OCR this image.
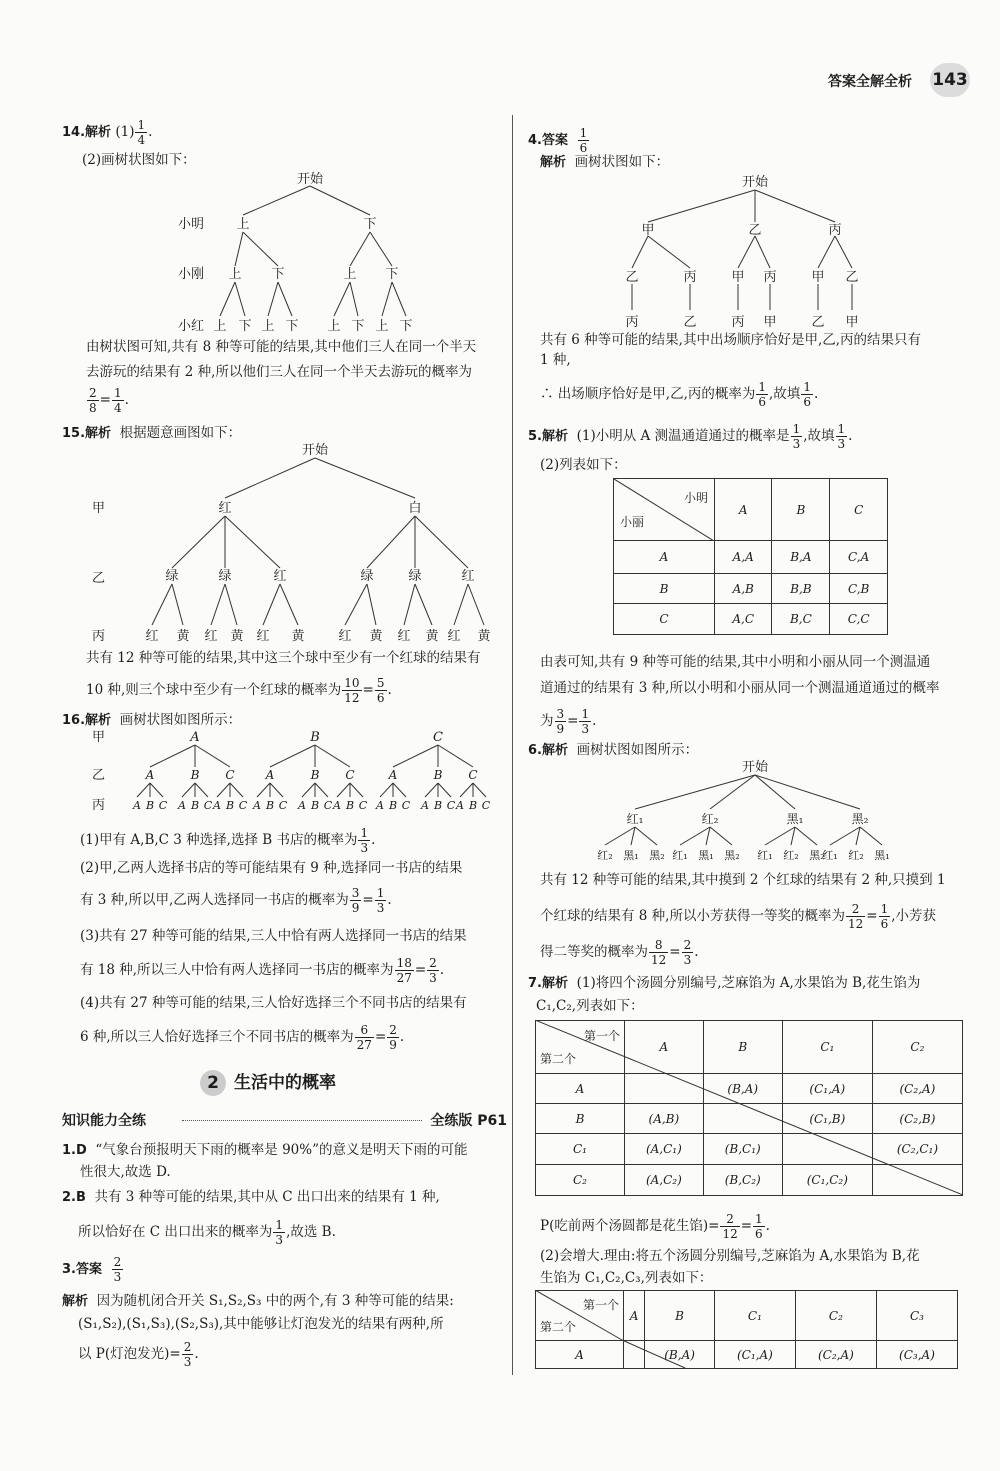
答案全解全析 143
14.解析 $(1) \frac{1}{4}$ .
(2)画树状图如下：
开始
小明
小刚
小红
上	下
上 下	上 下
上 下 上 下 上 下 上 下
由树状图可知,共有 8 种等可能的结果,其中他们三人在同一个半天
去游玩的结果有 2 种,所以他们三人在同一个半天去游玩的概率为
$\frac{2}{8} = \frac{1}{4}$ .
15.解析 根据题意画图如下：
开始
甲
乙
丙
红	白
绿	绿	红	绿	绿	红
红 黄 红 黄 红 黄	红 黄 红 黄 红 黄
共有 12 种等可能的结果,其中这三个球中至少有一个红球的结果有
10 种,则三个球中至少有一个红球的概率为 $\frac{10}{12} = \frac{5}{6}$ .
16.解析 画树状图如图所示：
甲
乙
丙
A
A
A B C
B
A B C
C
A B C
B
A
A B C
B
A B C
C
A B C
C
A
A B C
B
A B C
C
A B C
(1)甲有 A,B,C 3 种选择,选择 B 书店的概率为 $\frac{1}{3}$ .
(2)甲,乙两人选择书店的等可能结果有 9 种,选择同一书店的结果
有 3 种,所以甲,乙两人选择同一书店的概率为 $\frac{3}{9} = \frac{1}{3}$ .
(3)共有 27 种等可能的结果,三人中恰有两人选择同一书店的结果
有 18 种,所以三人中恰有两人选择同一书店的概率为 $\frac{18}{27} = \frac{2}{3}$ .
(4)共有 27 种等可能的结果,三人恰好选择三个不同书店的结果有
6 种,所以三人恰好选择三个不同书店的概率为 $\frac{6}{27} = \frac{2}{9}$ .
2 生活中的概率
知识能力全练	全练版 P61
1.D “气象台预报明天下雨的概率是 90%”的意义是明天下雨的可能
性很大,故选 D.
2.B 共有 3 种等可能的结果,其中从 C 出口出来的结果有 1 种,
所以恰好在 C 出口出来的概率为 $\frac{1}{3}$ ,故选 B.
3.答案 $\frac{2}{3}$
解析 因为随机闭合开关 S₁,S₂,S₃ 中的两个,有 3 种等可能的结果:
(S₁,S₂),(S₁,S₃),(S₂,S₃),其中能够让灯泡发光的结果有两种,所
以 P(灯泡发光)= $\frac{2}{3}$ .
4.答案 $\frac{1}{6}$
解析 画树状图如下：
开始
甲	乙	丙
乙	丙	甲 丙	甲 乙
丙	乙	丙 甲	乙 甲
共有 6 种等可能的结果,其中出场顺序恰好是甲,乙,丙的结果只有
1 种,
∴ 出场顺序恰好是甲,乙,丙的概率为 $\frac{1}{6}$ ,故填 $\frac{1}{6}$ .
5.解析 (1)小明从 A 测温通道通过的概率是 $\frac{1}{3}$ ,故填 $\frac{1}{3}$ .
(2)列表如下：
小明
小丽	A	B	C
A	A,A	B,A	C,A
B	A,B	B,B	C,B
C	A,C	B,C	C,C
由表可知,共有 9 种等可能的结果,其中小明和小丽从同一个测温通
道通过的结果有 3 种,所以小明和小丽从同一个测温通道通过的概率
为 $\frac{3}{9} = \frac{1}{3}$ .
6.解析 画树状图如图所示：
开始
红₁
红₂ 黑₁ 黑₂
红₂
红₁ 黑₁ 黑₂
黑₁
红₁ 红₂ 黑₂
黑₂
红₁ 红₂ 黑₁
共有 12 种等可能的结果,其中摸到 2 个红球的结果有 2 种,只摸到 1
个红球的结果有 8 种,所以小芳获得一等奖的概率为 $\frac{2}{12} = \frac{1}{6}$ ,小芳获
得二等奖的概率为 $\frac{8}{12} = \frac{2}{3}$ .
7.解析 (1)将四个汤圆分别编号,芝麻馅为 A,水果馅为 B,花生馅为
C₁,C₂,列表如下：
第一个
第二个	A	B	C₁	C₂
A		(B,A)	(C₁,A)	(C₂,A)
B	(A,B)		(C₁,B)	(C₂,B)
C₁	(A,C₁)	(B,C₁)		(C₂,C₁)
C₂	(A,C₂)	(B,C₂)	(C₁,C₂)	
P(吃前两个汤圆都是花生馅)= $\frac{2}{12} = \frac{1}{6}$ .
(2)会增大.理由:将五个汤圆分别编号,芝麻馅为 A,水果馅为 B,花
生馅为 C₁,C₂,C₃,列表如下：
第一个
第二个	A	B	C₁	C₂	C₃
A		(B,A)	(C₁,A)	(C₂,A)	(C₃,A)
